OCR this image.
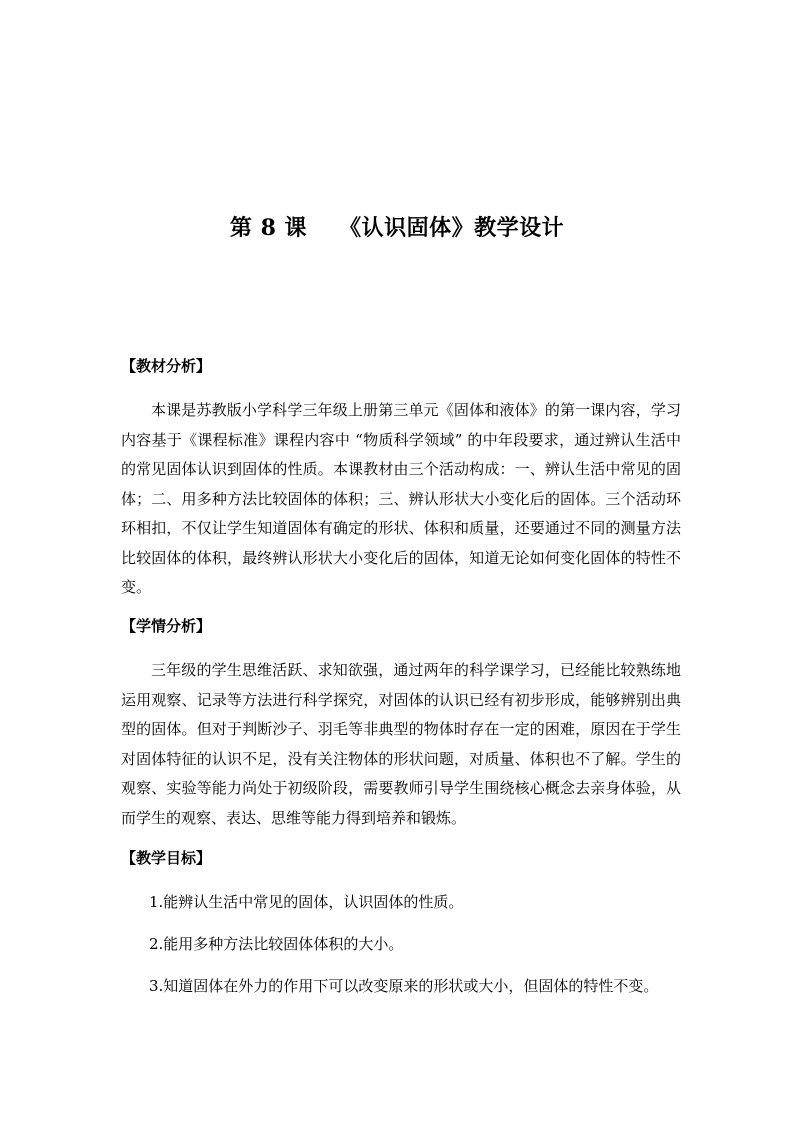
第 8 课 《认识固体》教学设计

【教材分析】

本课是苏教版小学科学三年级上册第三单元《固体和液体》的第一课内容，学习内容基于《课程标准》课程内容中 “物质科学领域” 的中年段要求，通过辨认生活中的常见固体认识到固体的性质。本课教材由三个活动构成：一、辨认生活中常见的固体；二、用多种方法比较固体的体积；三、辨认形状大小变化后的固体。三个活动环环相扣，不仅让学生知道固体有确定的形状、体积和质量，还要通过不同的测量方法比较固体的体积，最终辨认形状大小变化后的固体，知道无论如何变化固体的特性不变。

【学情分析】

三年级的学生思维活跃、求知欲强，通过两年的科学课学习，已经能比较熟练地运用观察、记录等方法进行科学探究，对固体的认识已经有初步形成，能够辨别出典型的固体。但对于判断沙子、羽毛等非典型的物体时存在一定的困难，原因在于学生对固体特征的认识不足，没有关注物体的形状问题，对质量、体积也不了解。学生的观察、实验等能力尚处于初级阶段，需要教师引导学生围绕核心概念去亲身体验，从而学生的观察、表达、思维等能力得到培养和锻炼。

【教学目标】

1.能辨认生活中常见的固体，认识固体的性质。

2.能用多种方法比较固体体积的大小。

3.知道固体在外力的作用下可以改变原来的形状或大小，但固体的特性不变。
